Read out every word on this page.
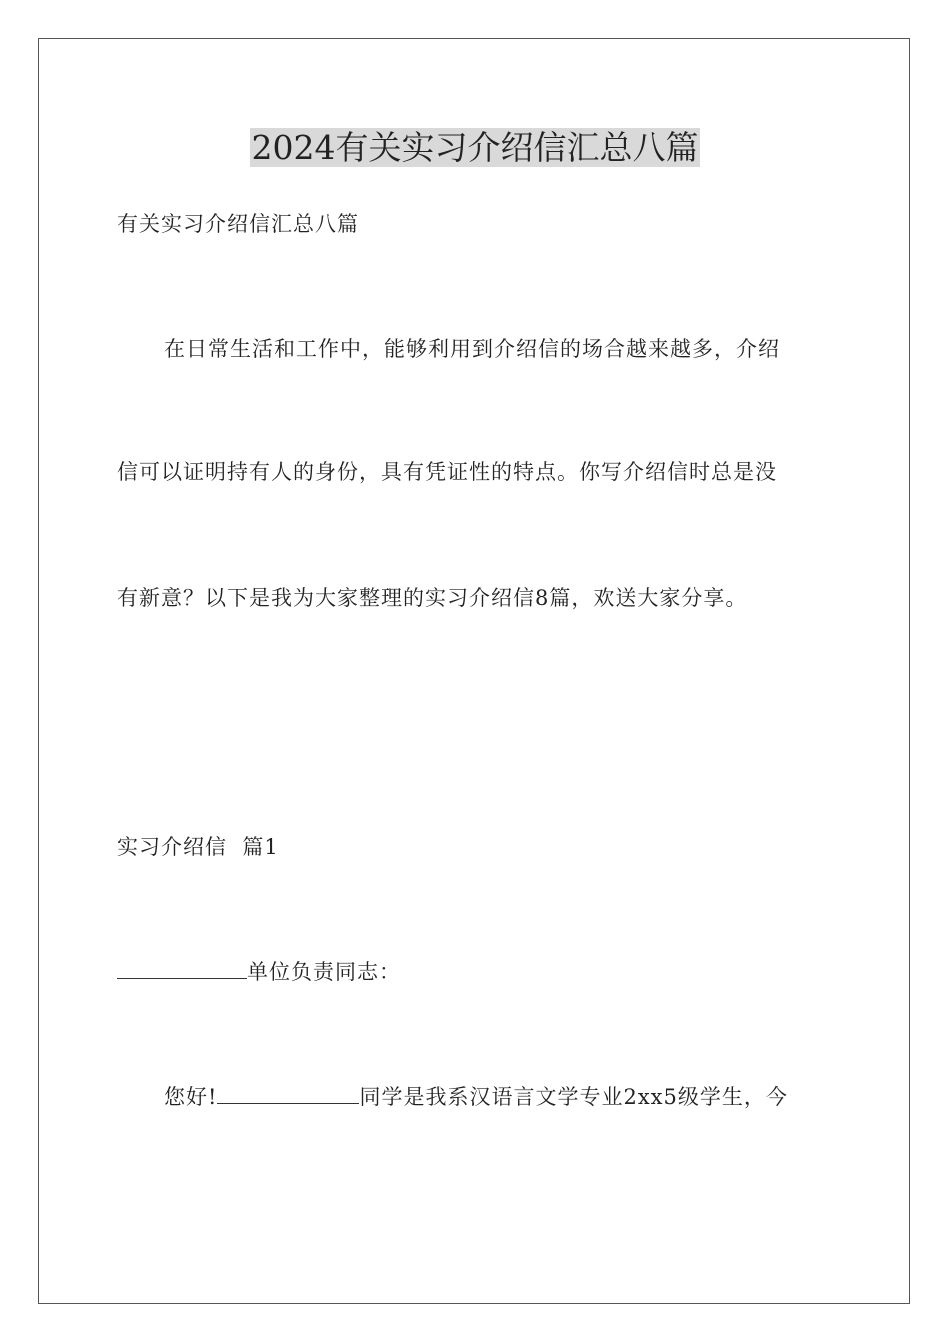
2024有关实习介绍信汇总八篇
有关实习介绍信汇总八篇
在日常生活和工作中，能够利用到介绍信的场合越来越多，介绍
信可以证明持有人的身份，具有凭证性的特点。你写介绍信时总是没
有新意？以下是我为大家整理的实习介绍信8篇，欢送大家分享。
实习介绍信  篇1
单位负责同志：
您好!	同学是我系汉语言文学专业2xx5级学生，今
